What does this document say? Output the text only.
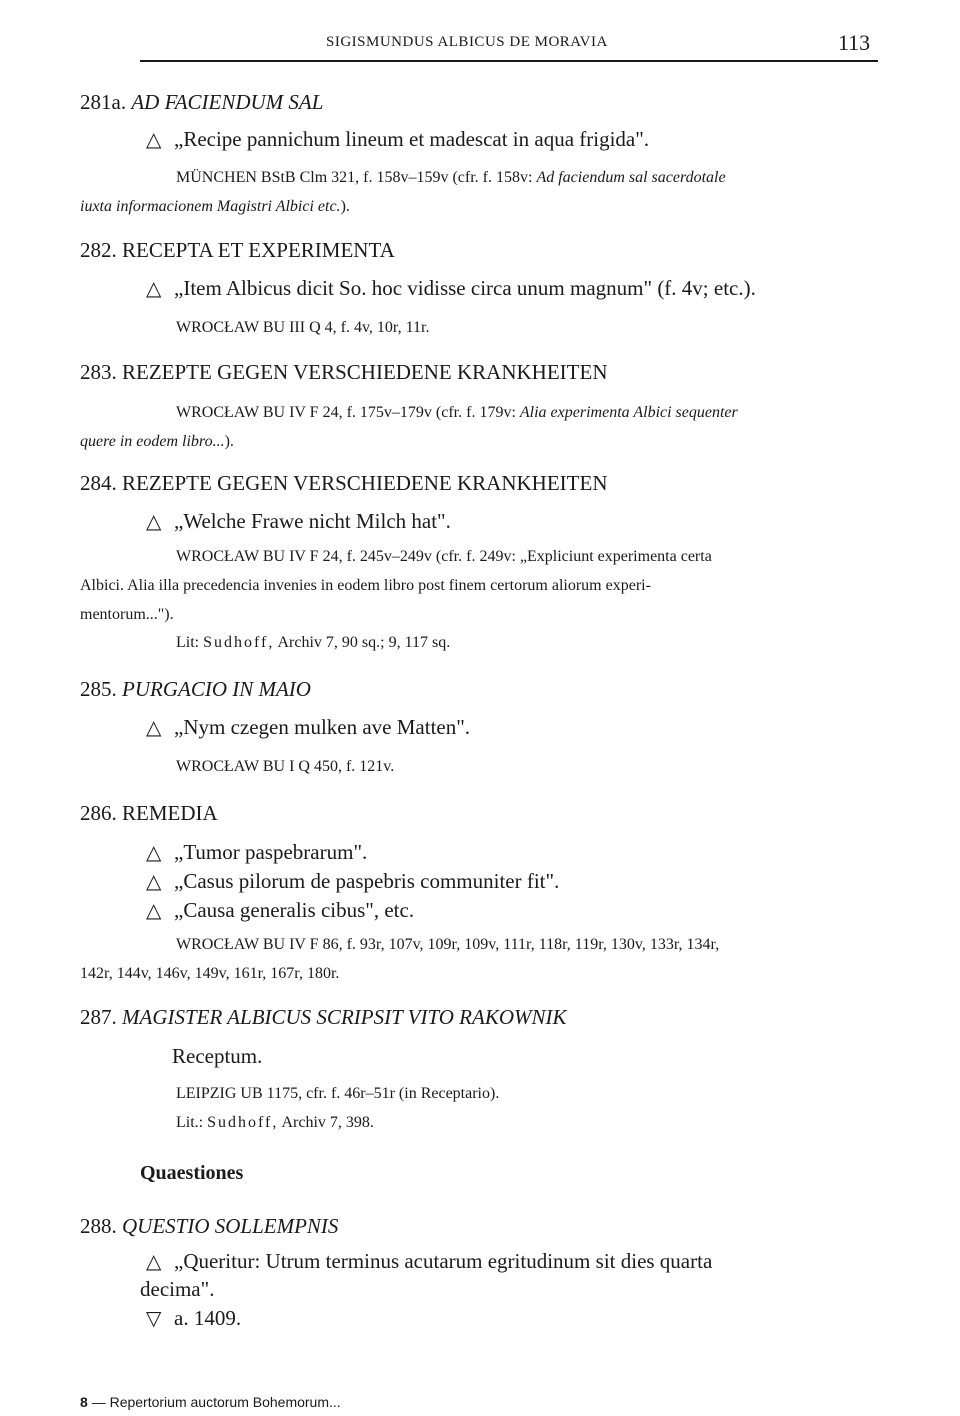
SIGISMUNDUS ALBICUS DE MORAVIA	113
281a. AD FACIENDUM SAL
△ „Recipe pannichum lineum et madescat in aqua frigida".
MÜNCHEN BStB Clm 321, f. 158v–159v (cfr. f. 158v: Ad faciendum sal sacerdotale
iuxta informacionem Magistri Albici etc.).
282. RECEPTA ET EXPERIMENTA
△ „Item Albicus dicit So. hoc vidisse circa unum magnum" (f. 4v; etc.).
WROCŁAW BU III Q 4, f. 4v, 10r, 11r.
283. REZEPTE GEGEN VERSCHIEDENE KRANKHEITEN
WROCŁAW BU IV F 24, f. 175v–179v (cfr. f. 179v: Alia experimenta Albici sequenter
quere in eodem libro...).
284. REZEPTE GEGEN VERSCHIEDENE KRANKHEITEN
△ „Welche Frawe nicht Milch hat".
WROCŁAW BU IV F 24, f. 245v–249v (cfr. f. 249v: „Expliciunt experimenta certa
Albici. Alia illa precedencia invenies in eodem libro post finem certorum aliorum experi-
mentorum...").
Lit: Sudhoff, Archiv 7, 90 sq.; 9, 117 sq.
285. PURGACIO IN MAIO
△ „Nym czegen mulken ave Matten".
WROCŁAW BU I Q 450, f. 121v.
286. REMEDIA
△ „Tumor paspebrarum".
△ „Casus pilorum de paspebris communiter fit".
△ „Causa generalis cibus", etc.
WROCŁAW BU IV F 86, f. 93r, 107v, 109r, 109v, 111r, 118r, 119r, 130v, 133r, 134r,
142r, 144v, 146v, 149v, 161r, 167r, 180r.
287. MAGISTER ALBICUS SCRIPSIT VITO RAKOWNIK
Receptum.
LEIPZIG UB 1175, cfr. f. 46r–51r (in Receptario).
Lit.: Sudhoff, Archiv 7, 398.
Quaestiones
288. QUESTIO SOLLEMPNIS
△ „Queritur: Utrum terminus acutarum egritudinum sit dies quarta
decima".
▽ a. 1409.
8 — Repertorium auctorum Bohemorum...
